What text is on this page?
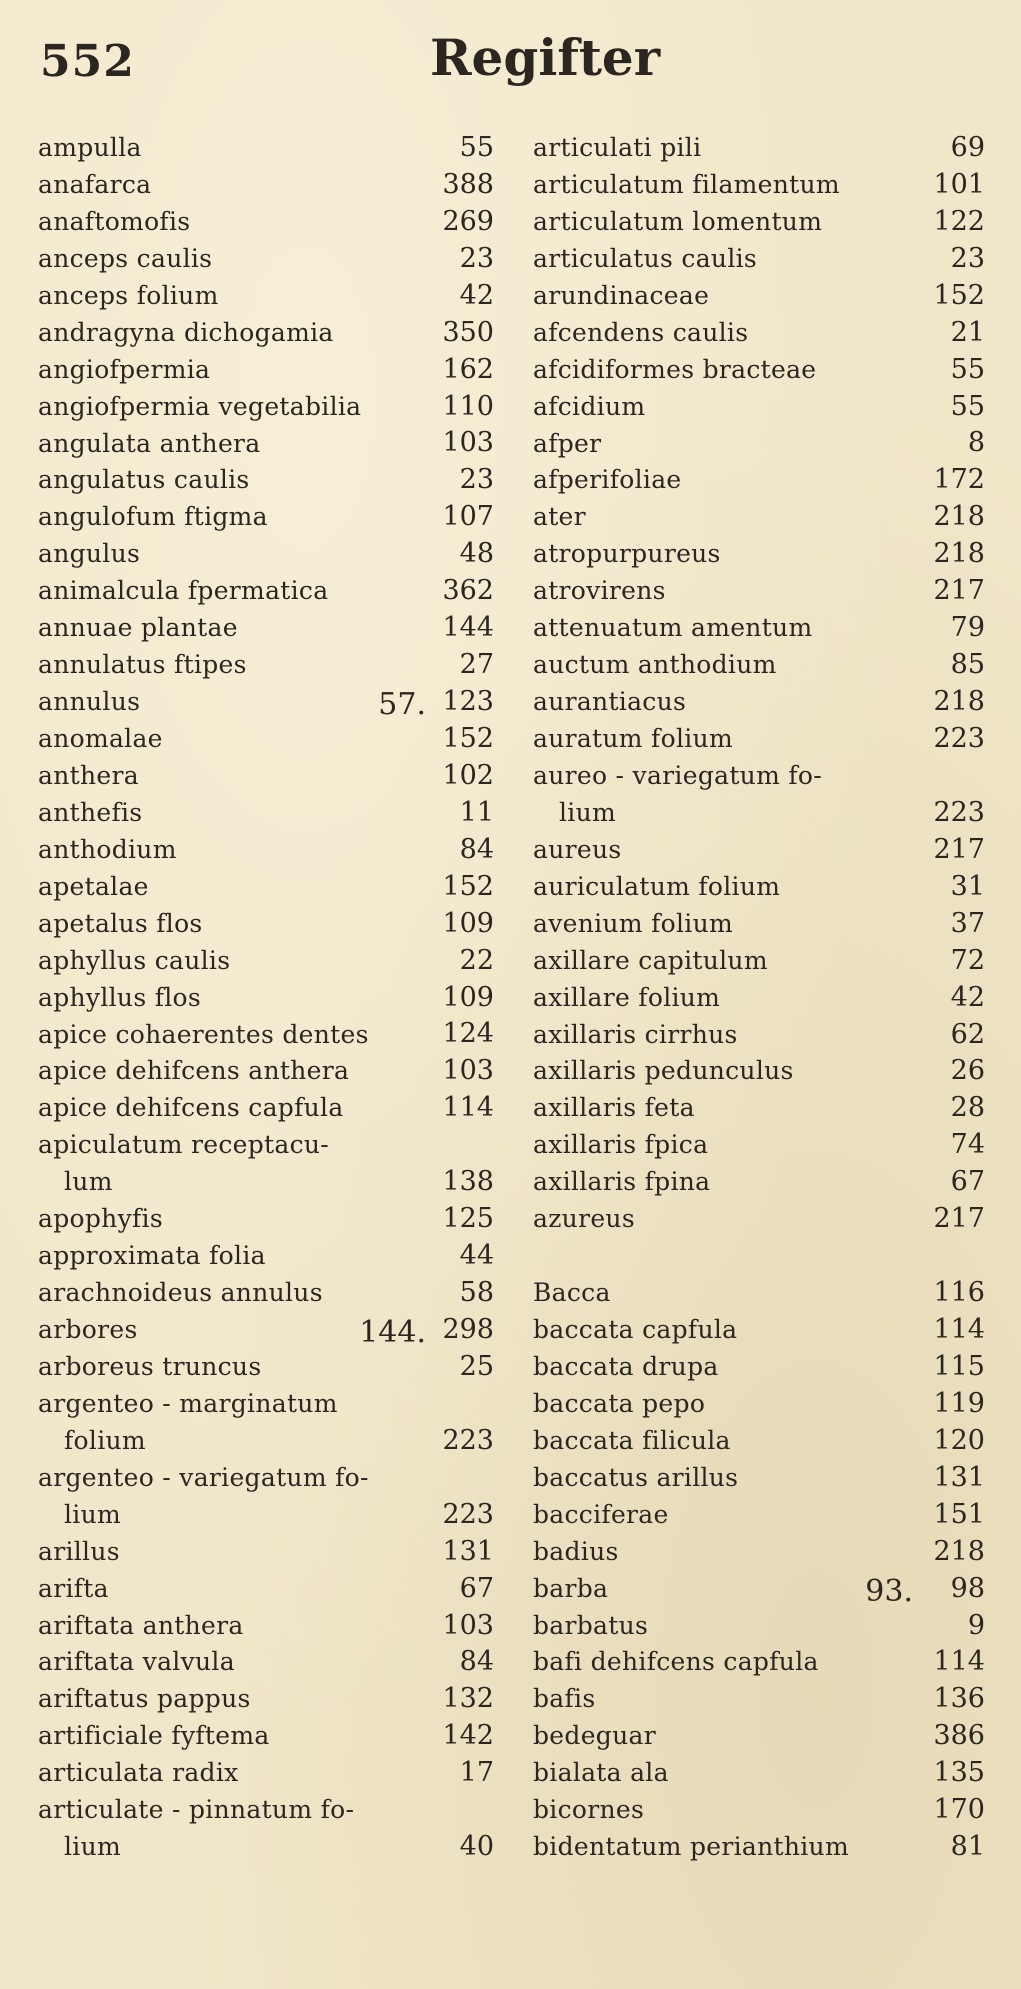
552	Regifter
ampulla	55
anafarca	388
anaftomofis	269
anceps caulis	23
anceps folium	42
andragyna dichogamia	350
angiofpermia	162
angiofpermia vegetabilia	110
angulata anthera	103
angulatus caulis	23
angulofum ftigma	107
angulus	48
animalcula fpermatica	362
annuae plantae	144
annulatus ftipes	27
annulus	57. 123
anomalae	152
anthera	102
anthefis	11
anthodium	84
apetalae	152
apetalus flos	109
aphyllus caulis	22
aphyllus flos	109
apice cohaerentes dentes	124
apice dehifcens anthera	103
apice dehifcens capfula	114
apiculatum receptacu-
lum	138
apophyfis	125
approximata folia	44
arachnoideus annulus	58
arbores	144. 298
arboreus truncus	25
argenteo - marginatum
folium	223
argenteo - variegatum fo-
lium	223
arillus	131
arifta	67
ariftata anthera	103
ariftata valvula	84
ariftatus pappus	132
artificiale fyftema	142
articulata radix	17
articulate - pinnatum fo-
lium	40
articulati pili	69
articulatum filamentum	101
articulatum lomentum	122
articulatus caulis	23
arundinaceae	152
afcendens caulis	21
afcidiformes bracteae	55
afcidium	55
afper	8
afperifoliae	172
ater	218
atropurpureus	218
atrovirens	217
attenuatum amentum	79
auctum anthodium	85
aurantiacus	218
auratum folium	223
aureo - variegatum fo-
lium	223
aureus	217
auriculatum folium	31
avenium folium	37
axillare capitulum	72
axillare folium	42
axillaris cirrhus	62
axillaris pedunculus	26
axillaris feta	28
axillaris fpica	74
axillaris fpina	67
azureus	217
Bacca	116
baccata capfula	114
baccata drupa	115
baccata pepo	119
baccata filicula	120
baccatus arillus	131
bacciferae	151
badius	218
barba	93.	98
barbatus	9
bafi dehifcens capfula	114
bafis	136
bedeguar	386
bialata ala	135
bicornes	170
bidentatum perianthium	81
